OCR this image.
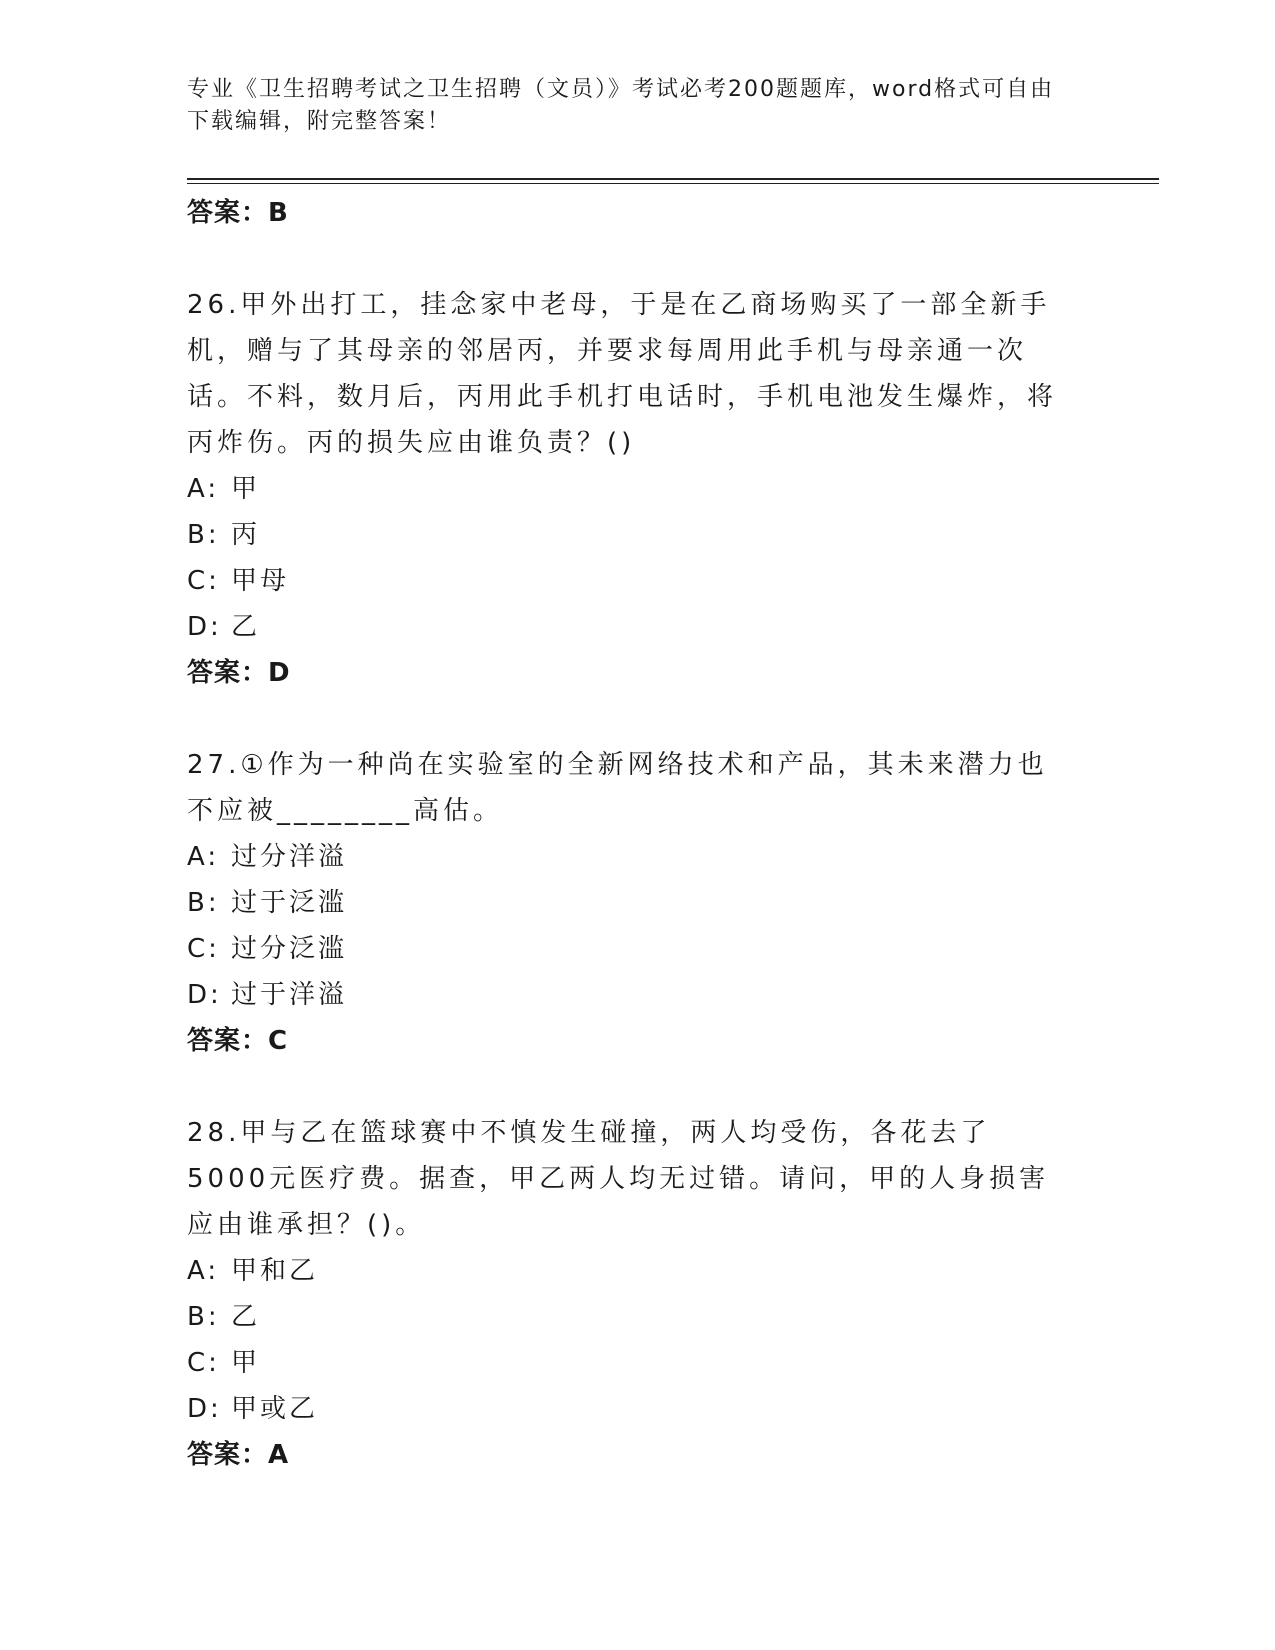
专业《卫生招聘考试之卫生招聘（文员）》考试必考200题题库，word格式可自由下载编辑，附完整答案！
答案：B

26.甲外出打工，挂念家中老母，于是在乙商场购买了一部全新手机，赠与了其母亲的邻居丙，并要求每周用此手机与母亲通一次话。不料，数月后，丙用此手机打电话时，手机电池发生爆炸，将丙炸伤。丙的损失应由谁负责？()

A: 甲
B: 丙
C: 甲母
D: 乙
答案：D

27.①作为一种尚在实验室的全新网络技术和产品，其未来潜力也不应被________高估。

A: 过分洋溢
B: 过于泛滥
C: 过分泛滥
D: 过于洋溢
答案：C

28.甲与乙在篮球赛中不慎发生碰撞，两人均受伤，各花去了5000元医疗费。据查，甲乙两人均无过错。请问，甲的人身损害应由谁承担？()。

A: 甲和乙
B: 乙
C: 甲
D: 甲或乙
答案：A
